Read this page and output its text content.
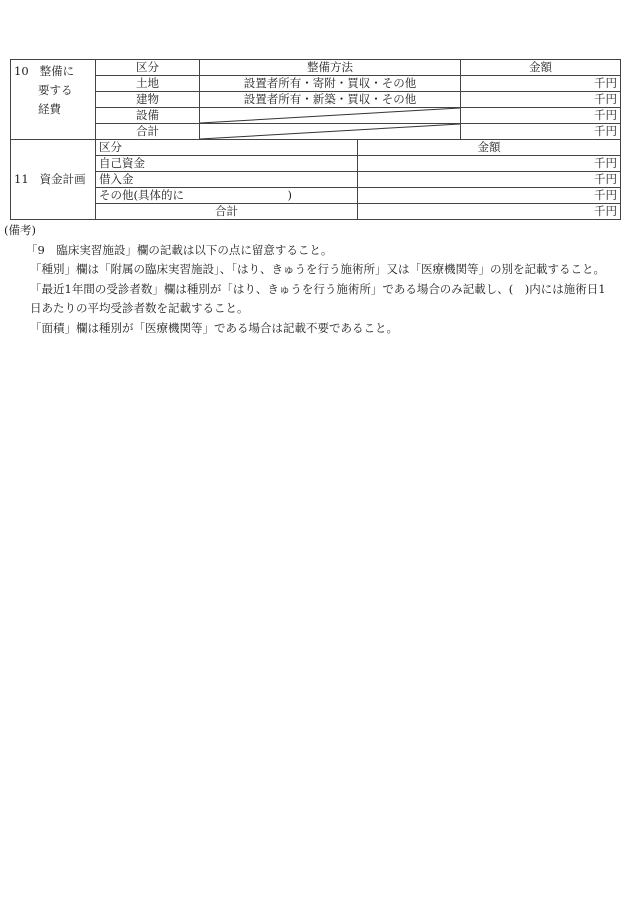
10 整備に
要する
経費	区分	整備方法	金額
	土地	設置者所有・寄附・買収・その他	千円
	建物	設置者所有・新築・買収・その他	千円
	設備		千円
	合計		千円
11 資金計画	区分	金額
	自己資金	千円
	借入金	千円
	その他(具体的に　　　　　　　　　)	千円
	合計	千円

(備考)

「9　臨床実習施設」欄の記載は以下の点に留意すること。

「種別」欄は「附属の臨床実習施設」、「はり、きゅうを行う施術所」又は「医療機関等」の別を記載すること。

「最近1年間の受診者数」欄は種別が「はり、きゅうを行う施術所」である場合のみ記載し、(　)内には施術日1

日あたりの平均受診者数を記載すること。

「面積」欄は種別が「医療機関等」である場合は記載不要であること。
